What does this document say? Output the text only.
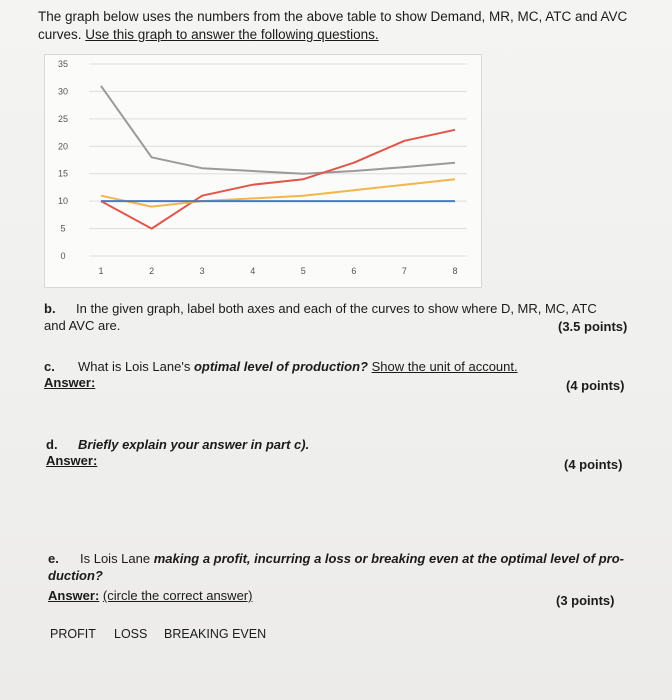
The graph below uses the numbers from the above table to show Demand, MR, MC, ATC and AVC
curves. Use this graph to answer the following questions.
0
5
10
15
20
25
30
35
1	2	3	4	5	6	7	8
b. In the given graph, label both axes and each of the curves to show where D, MR, MC, ATC
and AVC are.	(3.5 points)
c. What is Lois Lane's optimal level of production? Show the unit of account.
Answer:	(4 points)
d. Briefly explain your answer in part c).
Answer:	(4 points)
e. Is Lois Lane making a profit, incurring a loss or breaking even at the optimal level of pro-
duction?
Answer: (circle the correct answer)	(3 points)
PROFIT LOSS BREAKING EVEN
